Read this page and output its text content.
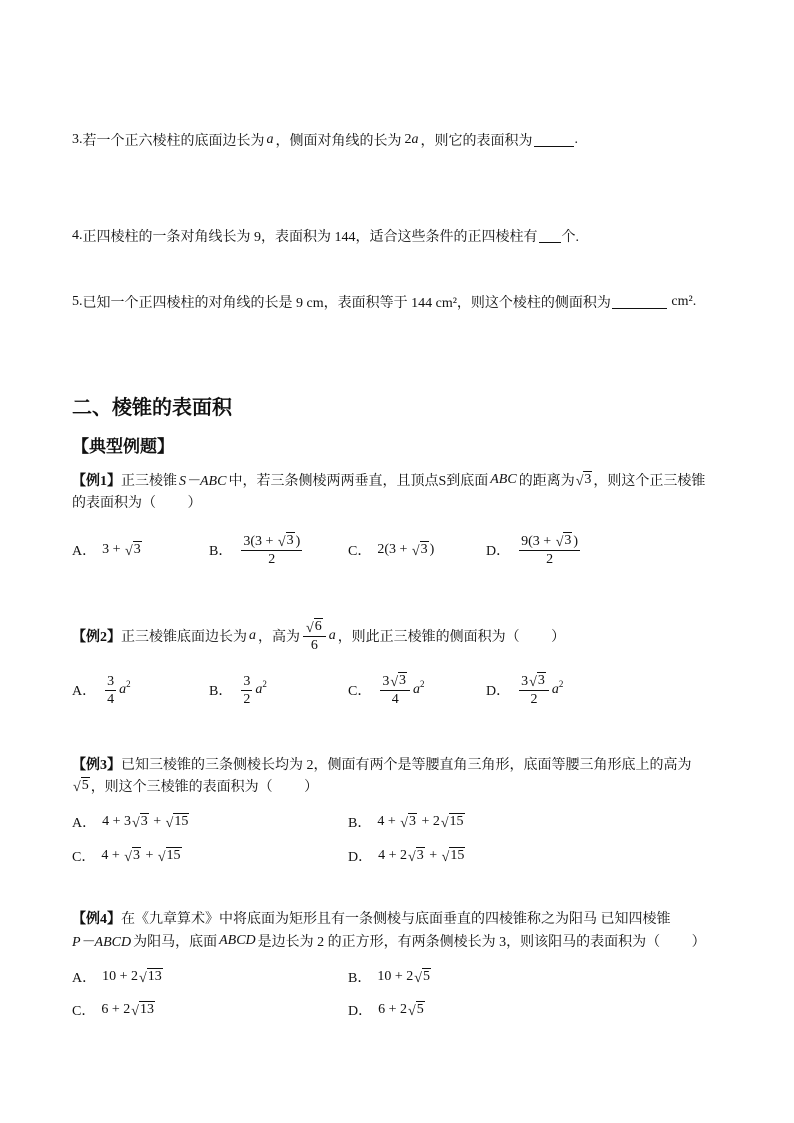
3. 若一个正六棱柱的底面边长为 a ，侧面对角线的长为 2 a ，则它的表面积为	.
4. 正四棱柱的一条对角线长为 9，表面积为 144，适合这些条件的正四棱柱有 个.
5. 已知一个正四棱柱的对角线的长是 9 cm，表面积等于 144 cm²，则这个棱柱的侧面积为	cm².
二、棱锥的表面积
【典型例题】
【例1】 正三棱锥 S－ABC 中，若三条侧棱两两垂直，且顶点S到底面 ABC 的距离为 √ 3 ，则这个正三棱锥
的表面积为（         ）
A． 3 + √ 3	B． $\frac{3(3 + √ 3 )}{2}$	C． 2(3 + √ 3 )	D． $\frac{9(3 + √ 3 )}{2}$
【例2】 正三棱锥底面边长为 a ，高为 $\frac{√ 6}{6}$ a ，则此正三棱锥的侧面积为（         ）
A． $\frac{3}{4}$ a 2	B． $\frac{3}{2}$ a 2	C． $\frac{3 √ 3}{4}$ a 2	D． $\frac{3 √ 3}{2}$ a 2
【例3】 已知三棱锥的三条侧棱长均为 2，侧面有两个是等腰直角三角形，底面等腰三角形底上的高为
√ 5 ，则这个三棱锥的表面积为（         ）
A． 4 + 3 √ 3 + √ 15	B． 4 + √ 3 + 2 √ 15
C． 4 + √ 3 + √ 15	D． 4 + 2 √ 3 + √ 15
【例4】 在《九章算术》中将底面为矩形且有一条侧棱与底面垂直的四棱锥称之为阳马 已知四棱锥
P－ABCD 为阳马，底面 ABCD 是边长为 2 的正方形，有两条侧棱长为 3，则该阳马的表面积为（         ）
A． 10 + 2 √ 13	B． 10 + 2 √ 5
C． 6 + 2 √ 13	D． 6 + 2 √ 5
